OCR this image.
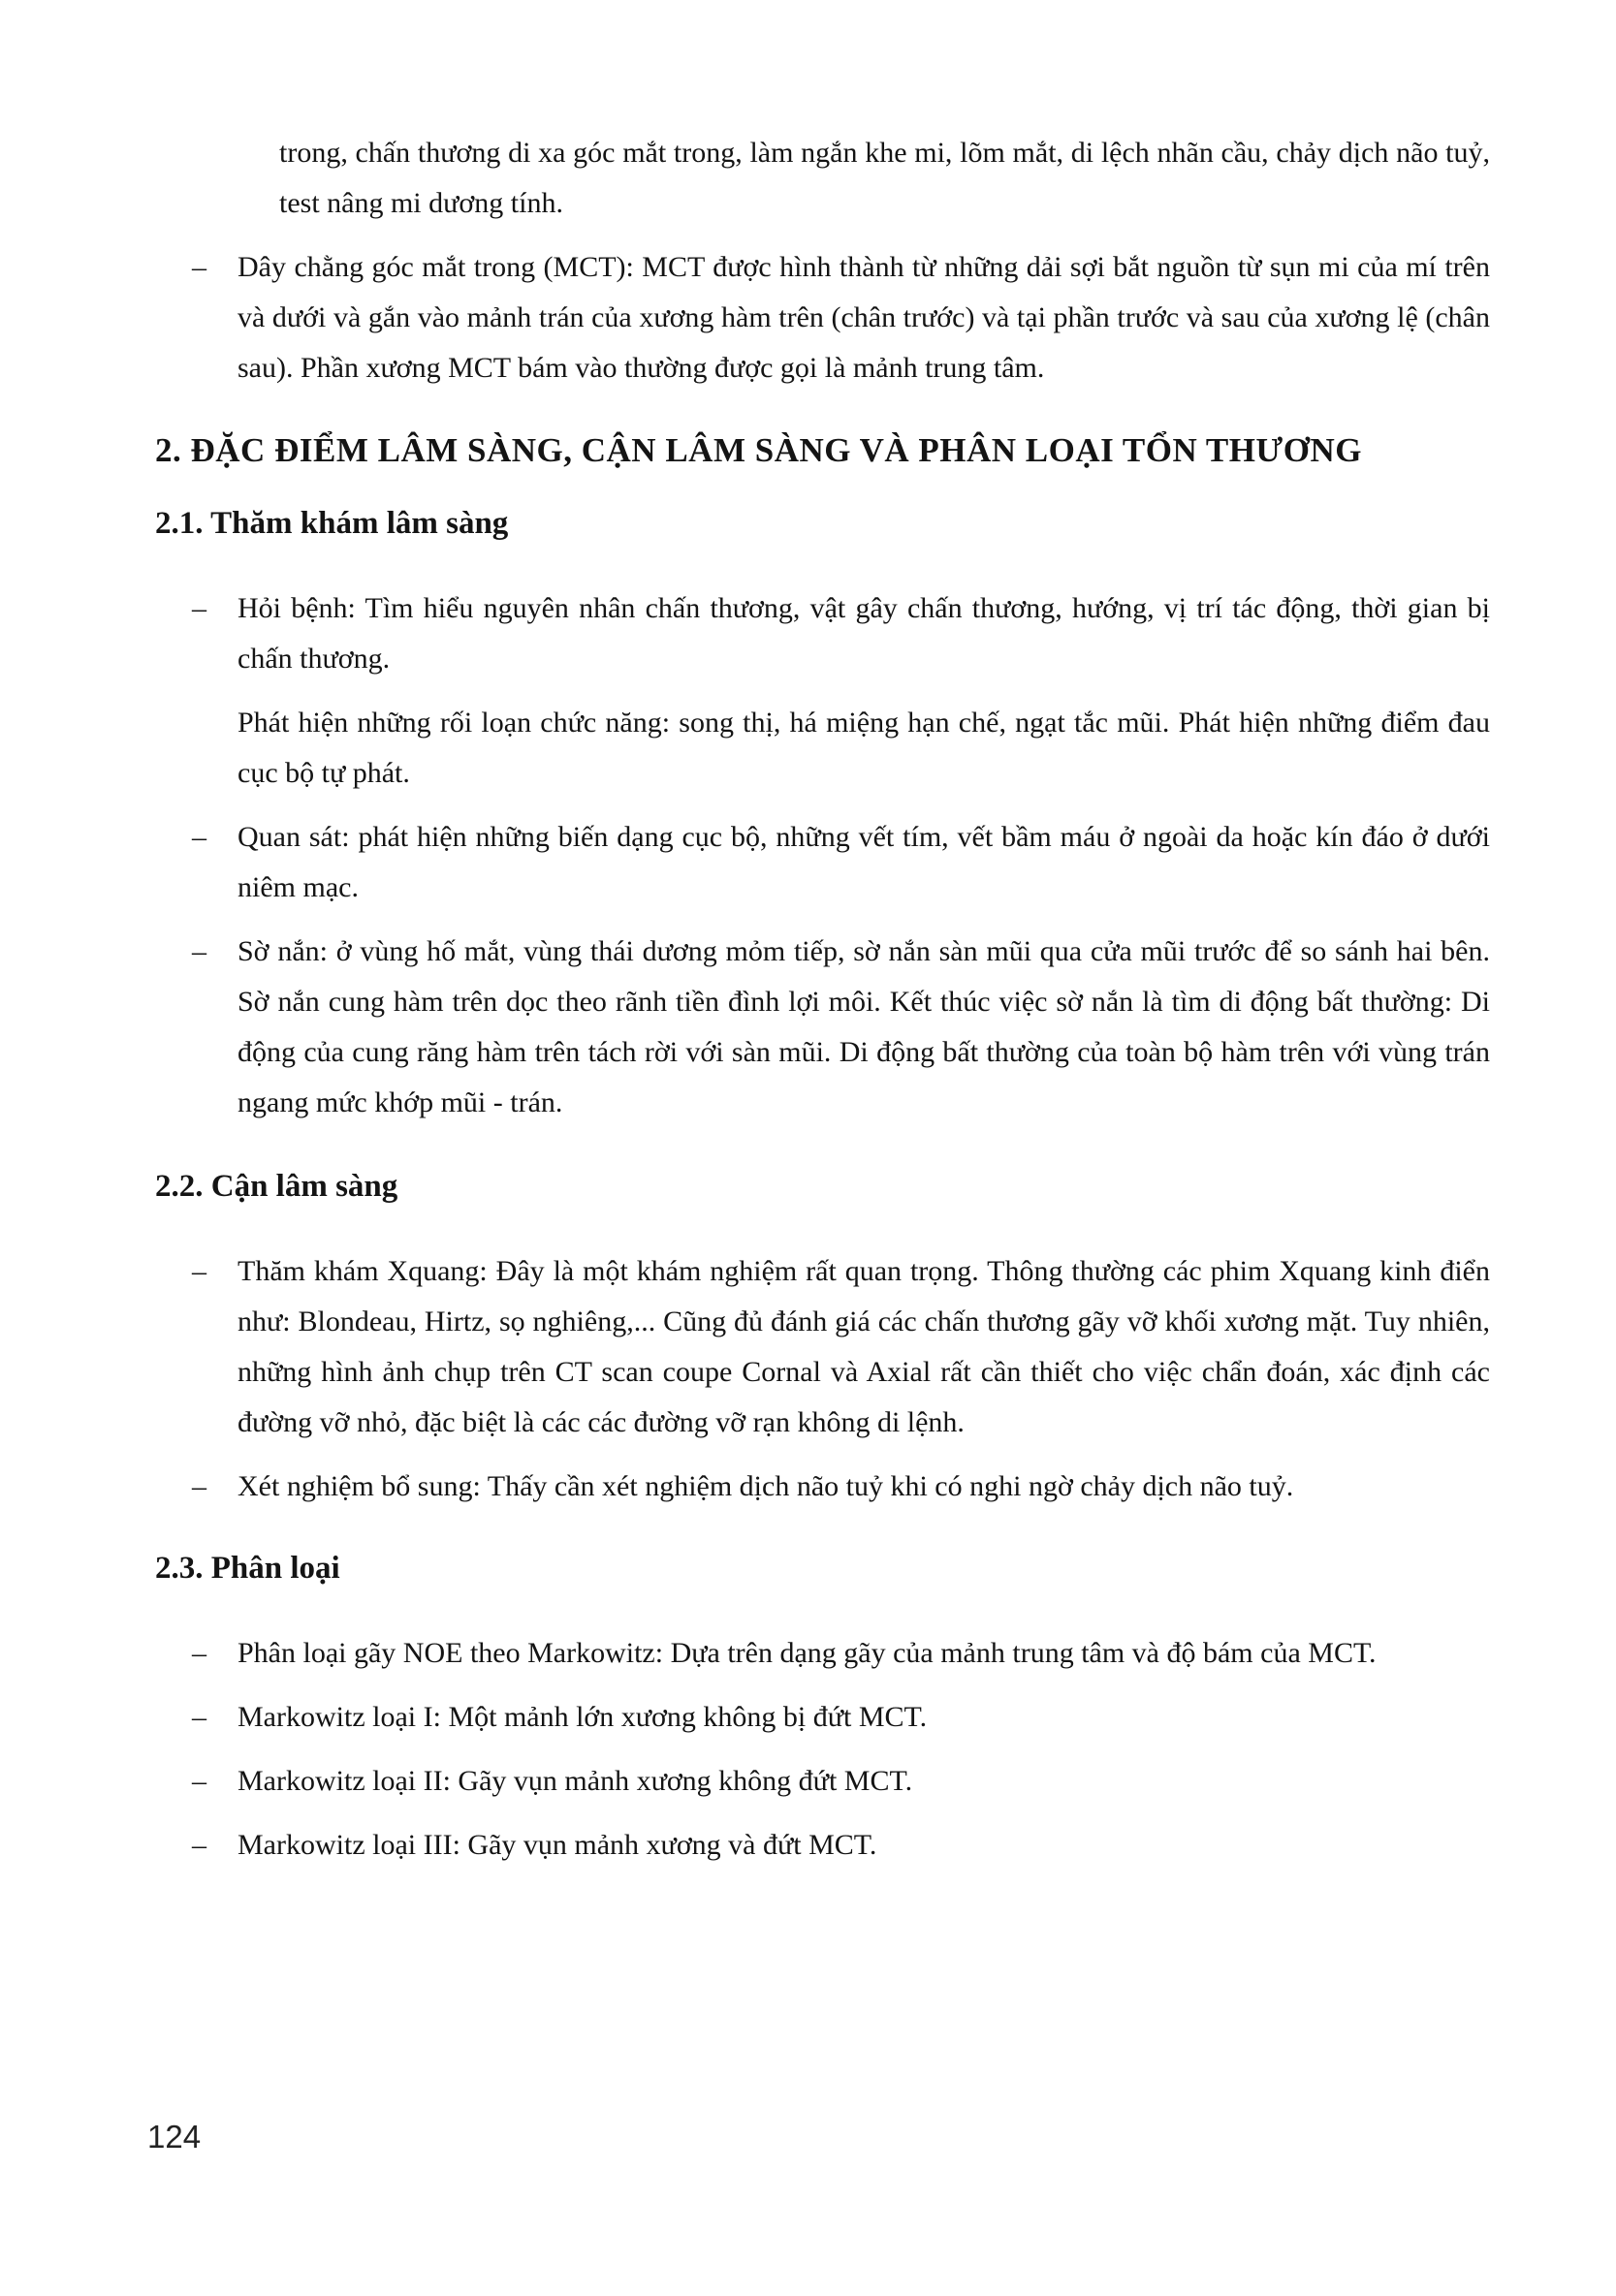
trong, chấn thương di xa góc mắt trong, làm ngắn khe mi, lõm mắt, di lệch nhãn cầu, chảy dịch não tuỷ, test nâng mi dương tính.

– Dây chằng góc mắt trong (MCT): MCT được hình thành từ những dải sợi bắt nguồn từ sụn mi của mí trên và dưới và gắn vào mảnh trán của xương hàm trên (chân trước) và tại phần trước và sau của xương lệ (chân sau). Phần xương MCT bám vào thường được gọi là mảnh trung tâm.

2. ĐẶC ĐIỂM LÂM SÀNG, CẬN LÂM SÀNG VÀ PHÂN LOẠI TỔN THƯƠNG
2.1. Thăm khám lâm sàng
– Hỏi bệnh: Tìm hiểu nguyên nhân chấn thương, vật gây chấn thương, hướng, vị trí tác động, thời gian bị chấn thương.

Phát hiện những rối loạn chức năng: song thị, há miệng hạn chế, ngạt tắc mũi. Phát hiện những điểm đau cục bộ tự phát.

– Quan sát: phát hiện những biến dạng cục bộ, những vết tím, vết bầm máu ở ngoài da hoặc kín đáo ở dưới niêm mạc.

– Sờ nắn: ở vùng hố mắt, vùng thái dương mỏm tiếp, sờ nắn sàn mũi qua cửa mũi trước để so sánh hai bên. Sờ nắn cung hàm trên dọc theo rãnh tiền đình lợi môi. Kết thúc việc sờ nắn là tìm di động bất thường: Di động của cung răng hàm trên tách rời với sàn mũi. Di động bất thường của toàn bộ hàm trên với vùng trán ngang mức khớp mũi - trán.

2.2. Cận lâm sàng
– Thăm khám Xquang: Đây là một khám nghiệm rất quan trọng. Thông thường các phim Xquang kinh điển như: Blondeau, Hirtz, sọ nghiêng,... Cũng đủ đánh giá các chấn thương gãy vỡ khối xương mặt. Tuy nhiên, những hình ảnh chụp trên CT scan coupe Cornal và Axial rất cần thiết cho việc chẩn đoán, xác định các đường vỡ nhỏ, đặc biệt là các các đường vỡ rạn không di lệnh.

– Xét nghiệm bổ sung: Thấy cần xét nghiệm dịch não tuỷ khi có nghi ngờ chảy dịch não tuỷ.

2.3. Phân loại
– Phân loại gãy NOE theo Markowitz: Dựa trên dạng gãy của mảnh trung tâm và độ bám của MCT.

– Markowitz loại I: Một mảnh lớn xương không bị đứt MCT.

– Markowitz loại II: Gãy vụn mảnh xương không đứt MCT.

– Markowitz loại III: Gãy vụn mảnh xương và đứt MCT.

124
